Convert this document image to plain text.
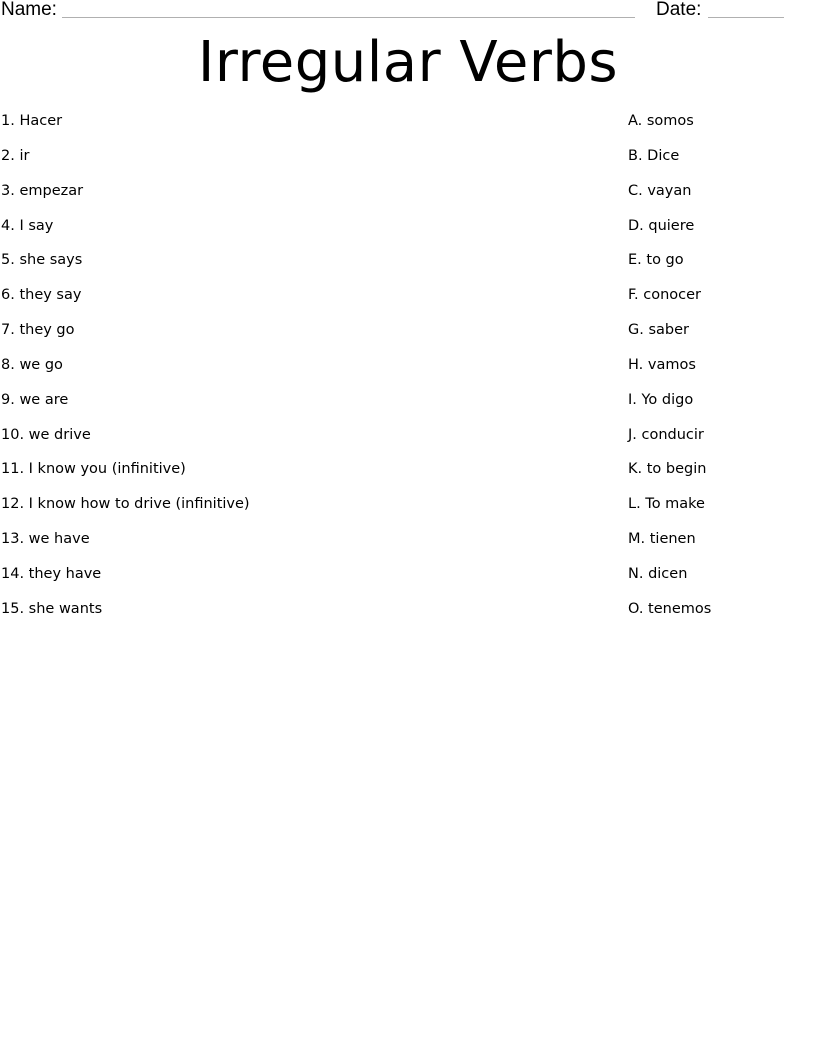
Name:	Date:
Irregular Verbs
1. Hacer
2. ir
3. empezar
4. I say
5. she says
6. they say
7. they go
8. we go
9. we are
10. we drive
11. I know you (infinitive)
12. I know how to drive (infinitive)
13. we have
14. they have
15. she wants
A. somos
B. Dice
C. vayan
D. quiere
E. to go
F. conocer
G. saber
H. vamos
I. Yo digo
J. conducir
K. to begin
L. To make
M. tienen
N. dicen
O. tenemos
